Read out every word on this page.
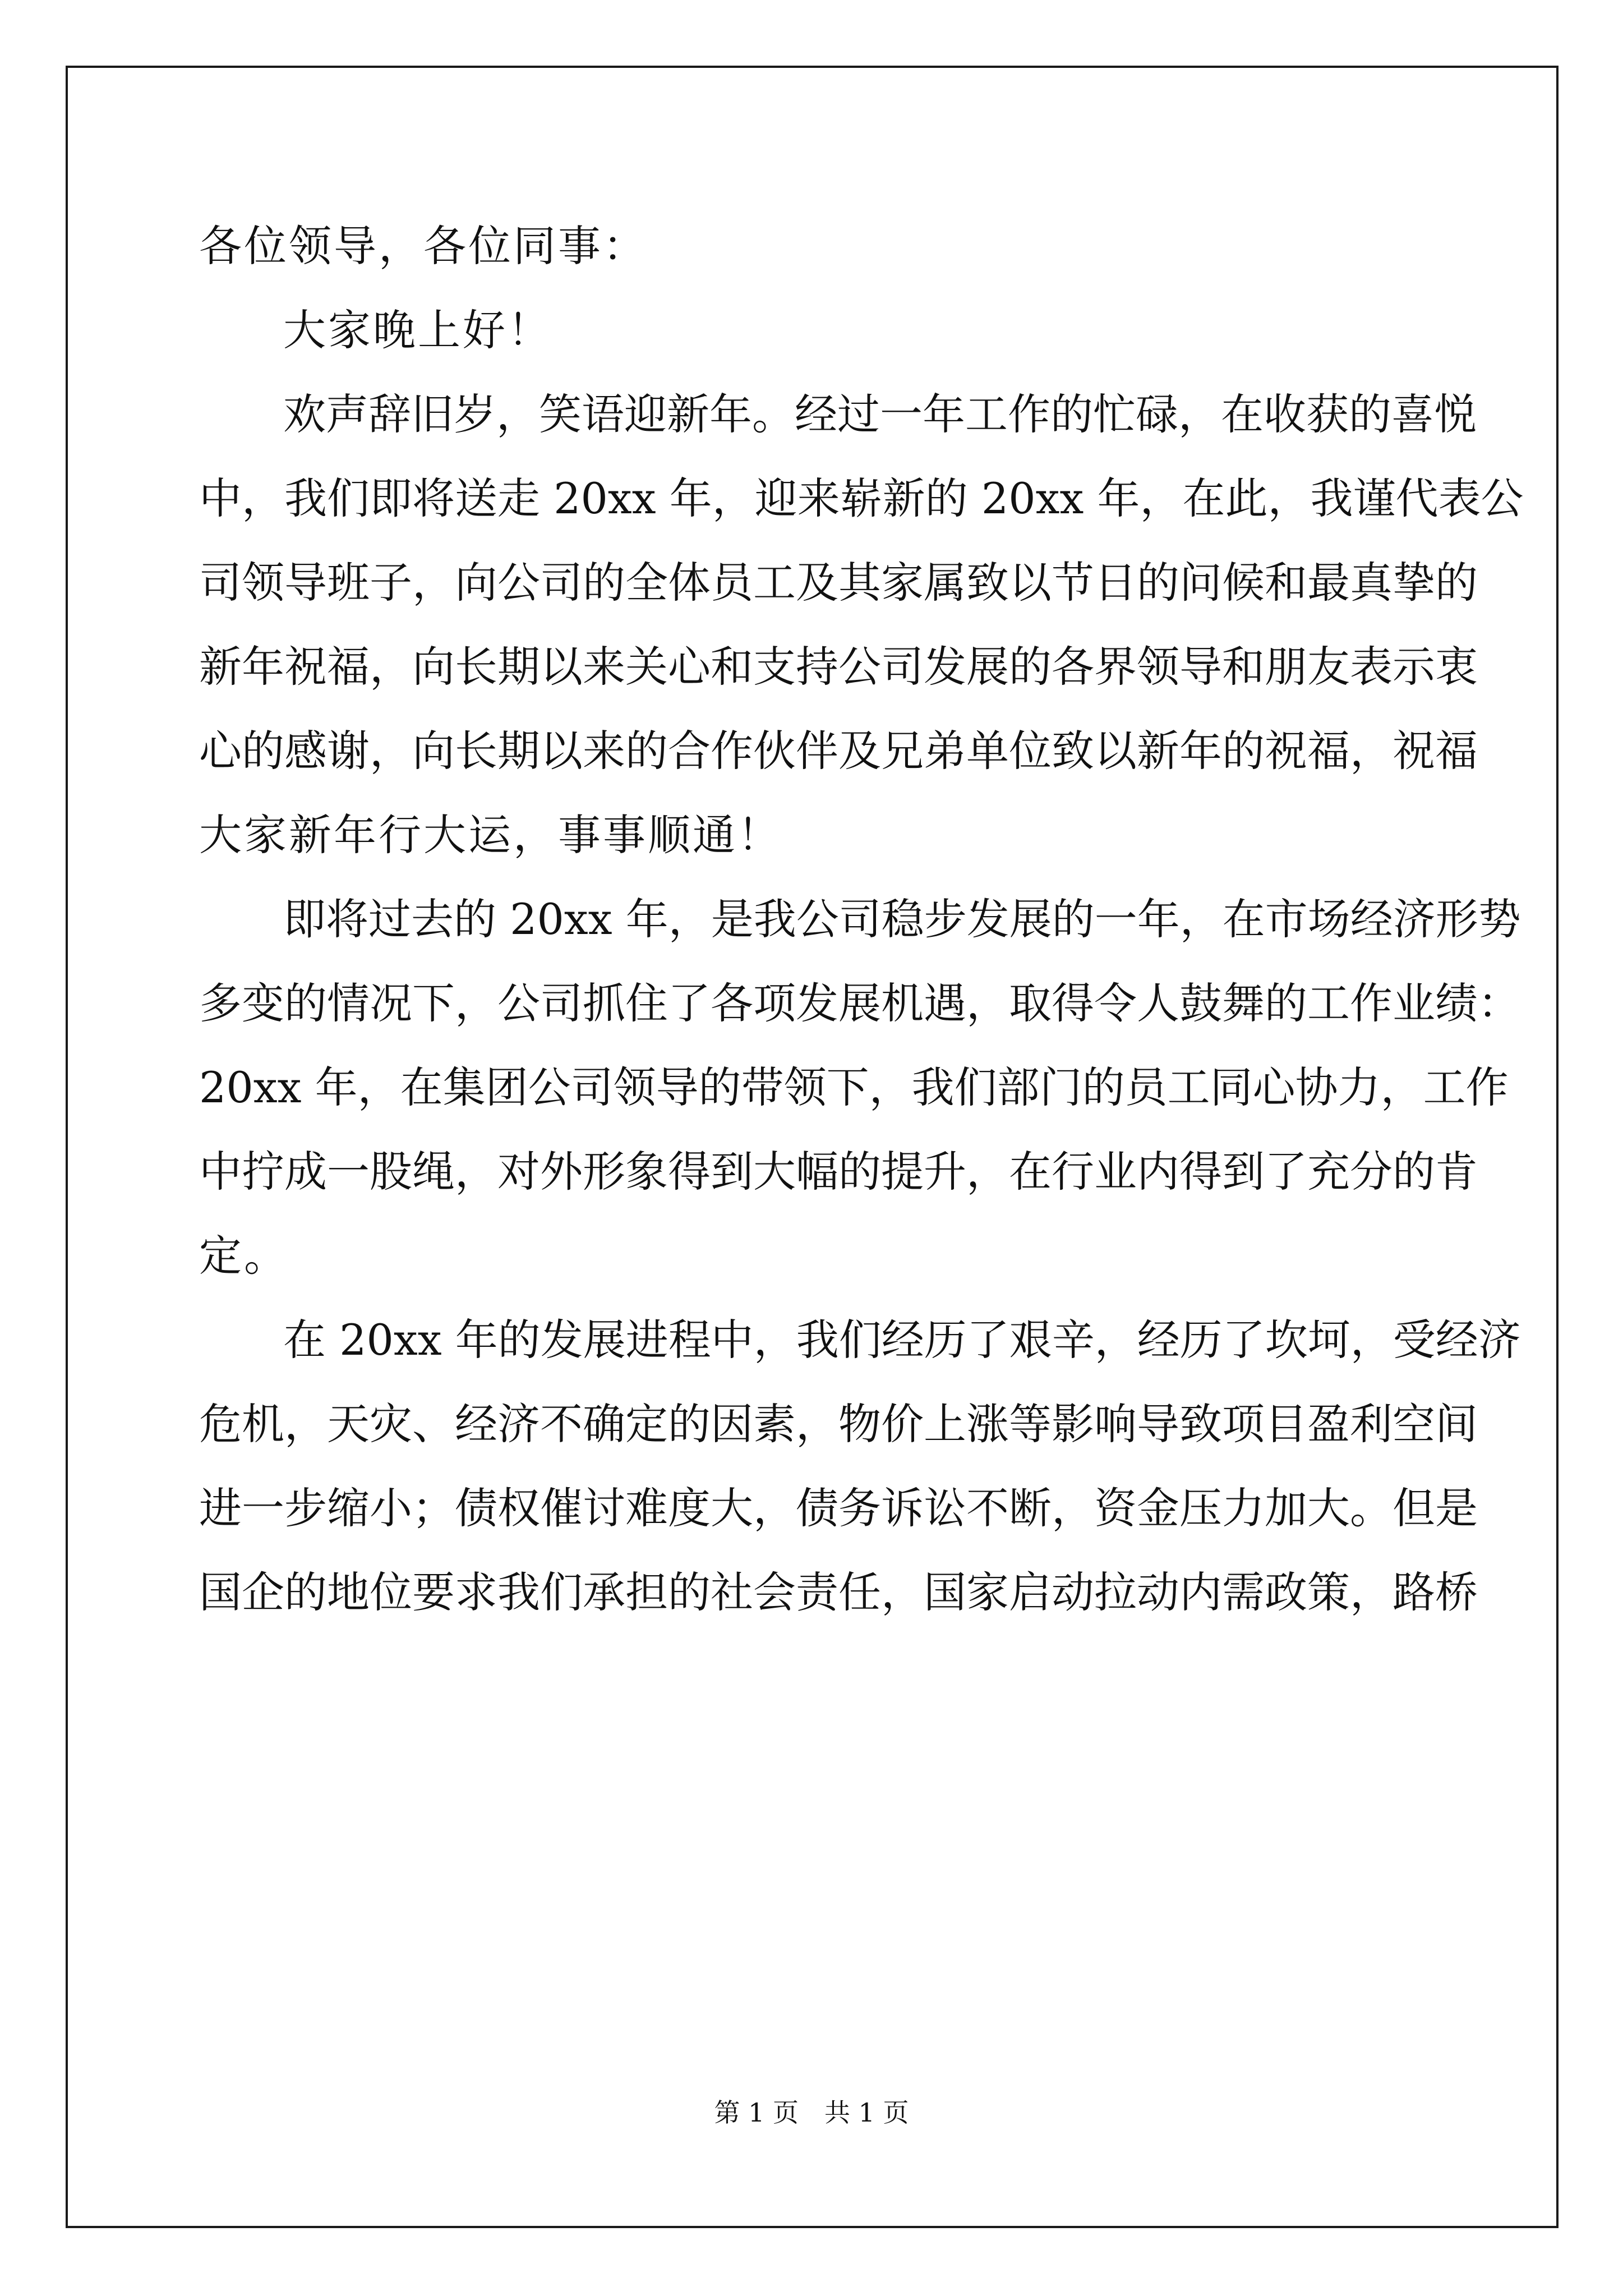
各位领导，各位同事：
大家晚上好！
欢声辞旧岁，笑语迎新年。经过一年工作的忙碌，在收获的喜悦
中，我们即将送走 20xx 年，迎来崭新的 20xx 年，在此，我谨代表公
司领导班子，向公司的全体员工及其家属致以节日的问候和最真挚的
新年祝福，向长期以来关心和支持公司发展的各界领导和朋友表示衷
心的感谢，向长期以来的合作伙伴及兄弟单位致以新年的祝福，祝福
大家新年行大运，事事顺通！
即将过去的 20xx 年，是我公司稳步发展的一年，在市场经济形势
多变的情况下，公司抓住了各项发展机遇，取得令人鼓舞的工作业绩：
20xx 年，在集团公司领导的带领下，我们部门的员工同心协力，工作
中拧成一股绳，对外形象得到大幅的提升，在行业内得到了充分的肯
定。
在 20xx 年的发展进程中，我们经历了艰辛，经历了坎坷，受经济
危机，天灾、经济不确定的因素，物价上涨等影响导致项目盈利空间
进一步缩小；债权催讨难度大，债务诉讼不断，资金压力加大。但是
国企的地位要求我们承担的社会责任，国家启动拉动内需政策，路桥
第 1 页　共 1 页
